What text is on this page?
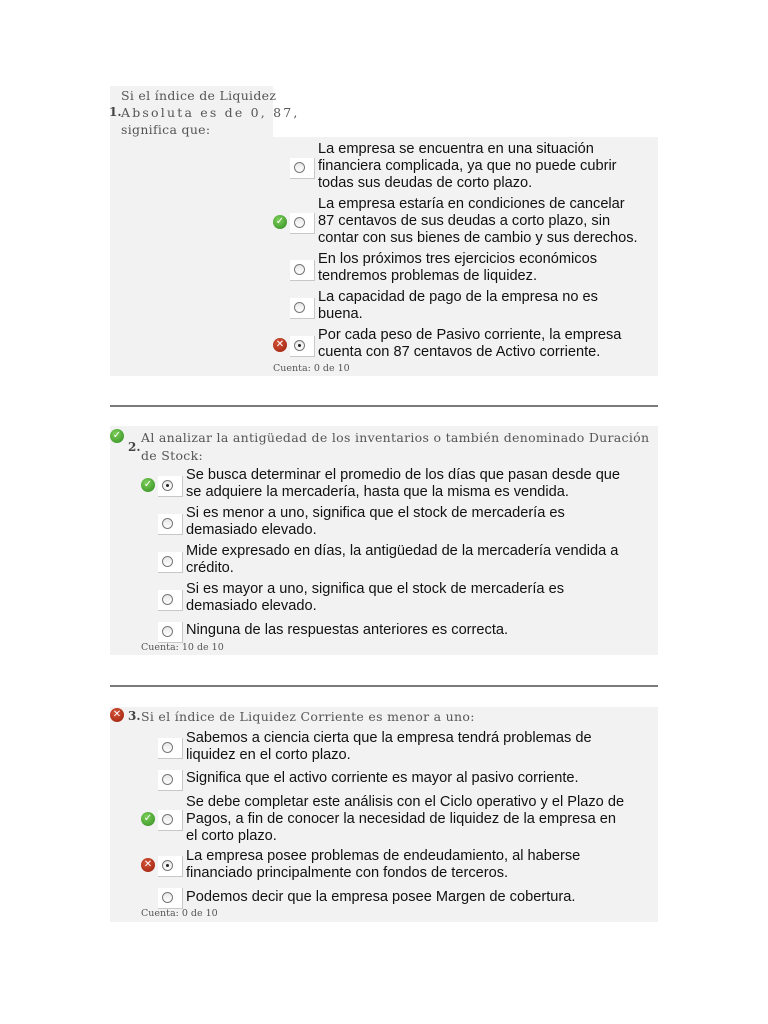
1.
Si el índice de Liquidez
Absoluta es de 0, 87,
significa que:
La empresa se encuentra en una situación
financiera complicada, ya que no puede cubrir
todas sus deudas de corto plazo.
✓
La empresa estaría en condiciones de cancelar
87 centavos de sus deudas a corto plazo, sin
contar con sus bienes de cambio y sus derechos.
En los próximos tres ejercicios económicos
tendremos problemas de liquidez.
La capacidad de pago de la empresa no es
buena.
✕
Por cada peso de Pasivo corriente, la empresa
cuenta con 87 centavos de Activo corriente.
Cuenta: 0 de 10
✓
2.
Al analizar la antigüedad de los inventarios o también denominado Duración
de Stock:
✓
Se busca determinar el promedio de los días que pasan desde que
se adquiere la mercadería, hasta que la misma es vendida.
Si es menor a uno, significa que el stock de mercadería es
demasiado elevado.
Mide expresado en días, la antigüedad de la mercadería vendida a
crédito.
Si es mayor a uno, significa que el stock de mercadería es
demasiado elevado.
Ninguna de las respuestas anteriores es correcta.
Cuenta: 10 de 10
✕ 3. Si el índice de Liquidez Corriente es menor a uno:
Sabemos a ciencia cierta que la empresa tendrá problemas de
liquidez en el corto plazo.
Significa que el activo corriente es mayor al pasivo corriente.
✓
Se debe completar este análisis con el Ciclo operativo y el Plazo de
Pagos, a fin de conocer la necesidad de liquidez de la empresa en
el corto plazo.
✕
La empresa posee problemas de endeudamiento, al haberse
financiado principalmente con fondos de terceros.
Podemos decir que la empresa posee Margen de cobertura.
Cuenta: 0 de 10
